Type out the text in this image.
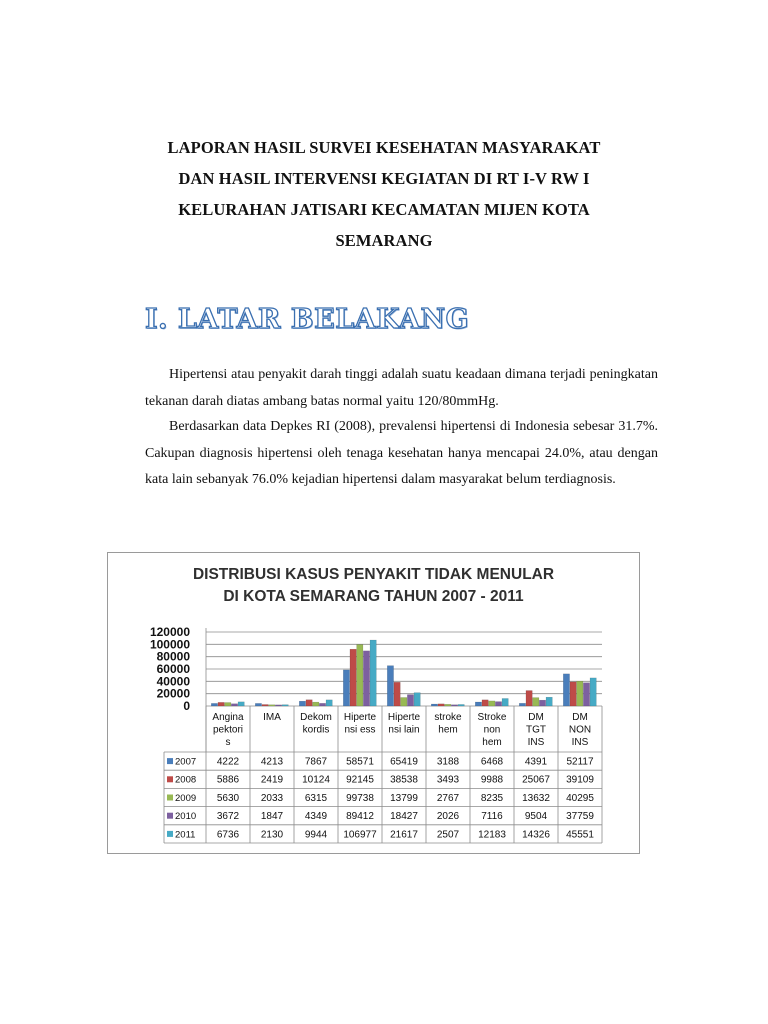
LAPORAN HASIL SURVEI KESEHATAN MASYARAKAT
DAN HASIL INTERVENSI KEGIATAN DI RT I-V RW I
KELURAHAN JATISARI KECAMATAN MIJEN KOTA
SEMARANG
I. LATAR BELAKANG
Hipertensi atau penyakit darah tinggi adalah suatu keadaan dimana terjadi peningkatan tekanan darah diatas ambang batas normal yaitu 120/80mmHg.
Berdasarkan data Depkes RI (2008), prevalensi hipertensi di Indonesia sebesar 31.7%. Cakupan diagnosis hipertensi oleh tenaga kesehatan hanya mencapai 24.0%, atau dengan kata lain sebanyak 76.0% kejadian hipertensi dalam masyarakat belum terdiagnosis.
DISTRIBUSI KASUS PENYAKIT TIDAK MENULAR
DI KOTA SEMARANG TAHUN 2007 - 2011
120000
100000
80000
60000
40000
20000
0
Angina
pektori
s
IMA Dekom
kordis
Hiperte
nsi ess
Hiperte
nsi lain
stroke
hem
Stroke
non
hem
DM
TGT
INS
DM
NON
INS
2007 4222 4213 7867 58571 65419 3188 6468 4391 52117
2008 5886 2419 10124 92145 38538 3493 9988 25067 39109
2009 5630 2033 6315 99738 13799 2767 8235 13632 40295
2010 3672 1847 4349 89412 18427 2026 7116 9504 37759
2011 6736 2130 9944 106977 21617 2507 12183 14326 45551
